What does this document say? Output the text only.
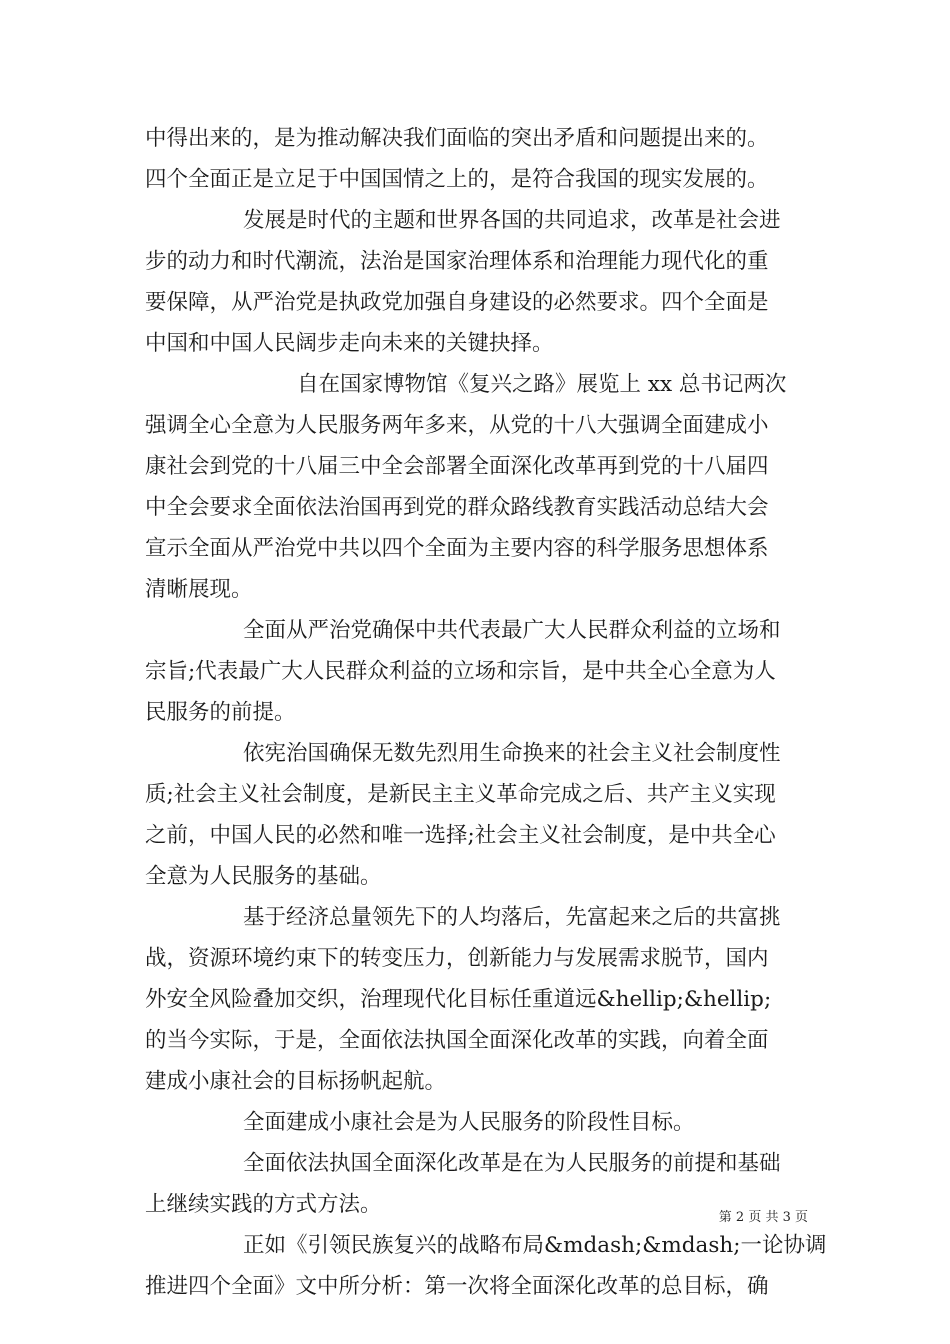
中得出来的，是为推动解决我们面临的突出矛盾和问题提出来的。
四个全面正是立足于中国国情之上的，是符合我国的现实发展的。
发展是时代的主题和世界各国的共同追求，改革是社会进
步的动力和时代潮流，法治是国家治理体系和治理能力现代化的重
要保障，从严治党是执政党加强自身建设的必然要求。四个全面是
中国和中国人民阔步走向未来的关键抉择。
自在国家博物馆《复兴之路》展览上 xx 总书记两次
强调全心全意为人民服务两年多来，从党的十八大强调全面建成小
康社会到党的十八届三中全会部署全面深化改革再到党的十八届四
中全会要求全面依法治国再到党的群众路线教育实践活动总结大会
宣示全面从严治党中共以四个全面为主要内容的科学服务思想体系
清晰展现。
全面从严治党确保中共代表最广大人民群众利益的立场和
宗旨;代表最广大人民群众利益的立场和宗旨，是中共全心全意为人
民服务的前提。
依宪治国确保无数先烈用生命换来的社会主义社会制度性
质;社会主义社会制度，是新民主主义革命完成之后、共产主义实现
之前，中国人民的必然和唯一选择;社会主义社会制度，是中共全心
全意为人民服务的基础。
基于经济总量领先下的人均落后，先富起来之后的共富挑
战，资源环境约束下的转变压力，创新能力与发展需求脱节，国内
外安全风险叠加交织，治理现代化目标任重道远&hellip;&hellip;
的当今实际，于是，全面依法执国全面深化改革的实践，向着全面
建成小康社会的目标扬帆起航。
全面建成小康社会是为人民服务的阶段性目标。
全面依法执国全面深化改革是在为人民服务的前提和基础
上继续实践的方式方法。
正如《引领民族复兴的战略布局&mdash;&mdash;一论协调
推进四个全面》文中所分析：第一次将全面深化改革的总目标，确
第 2 页 共 3 页
